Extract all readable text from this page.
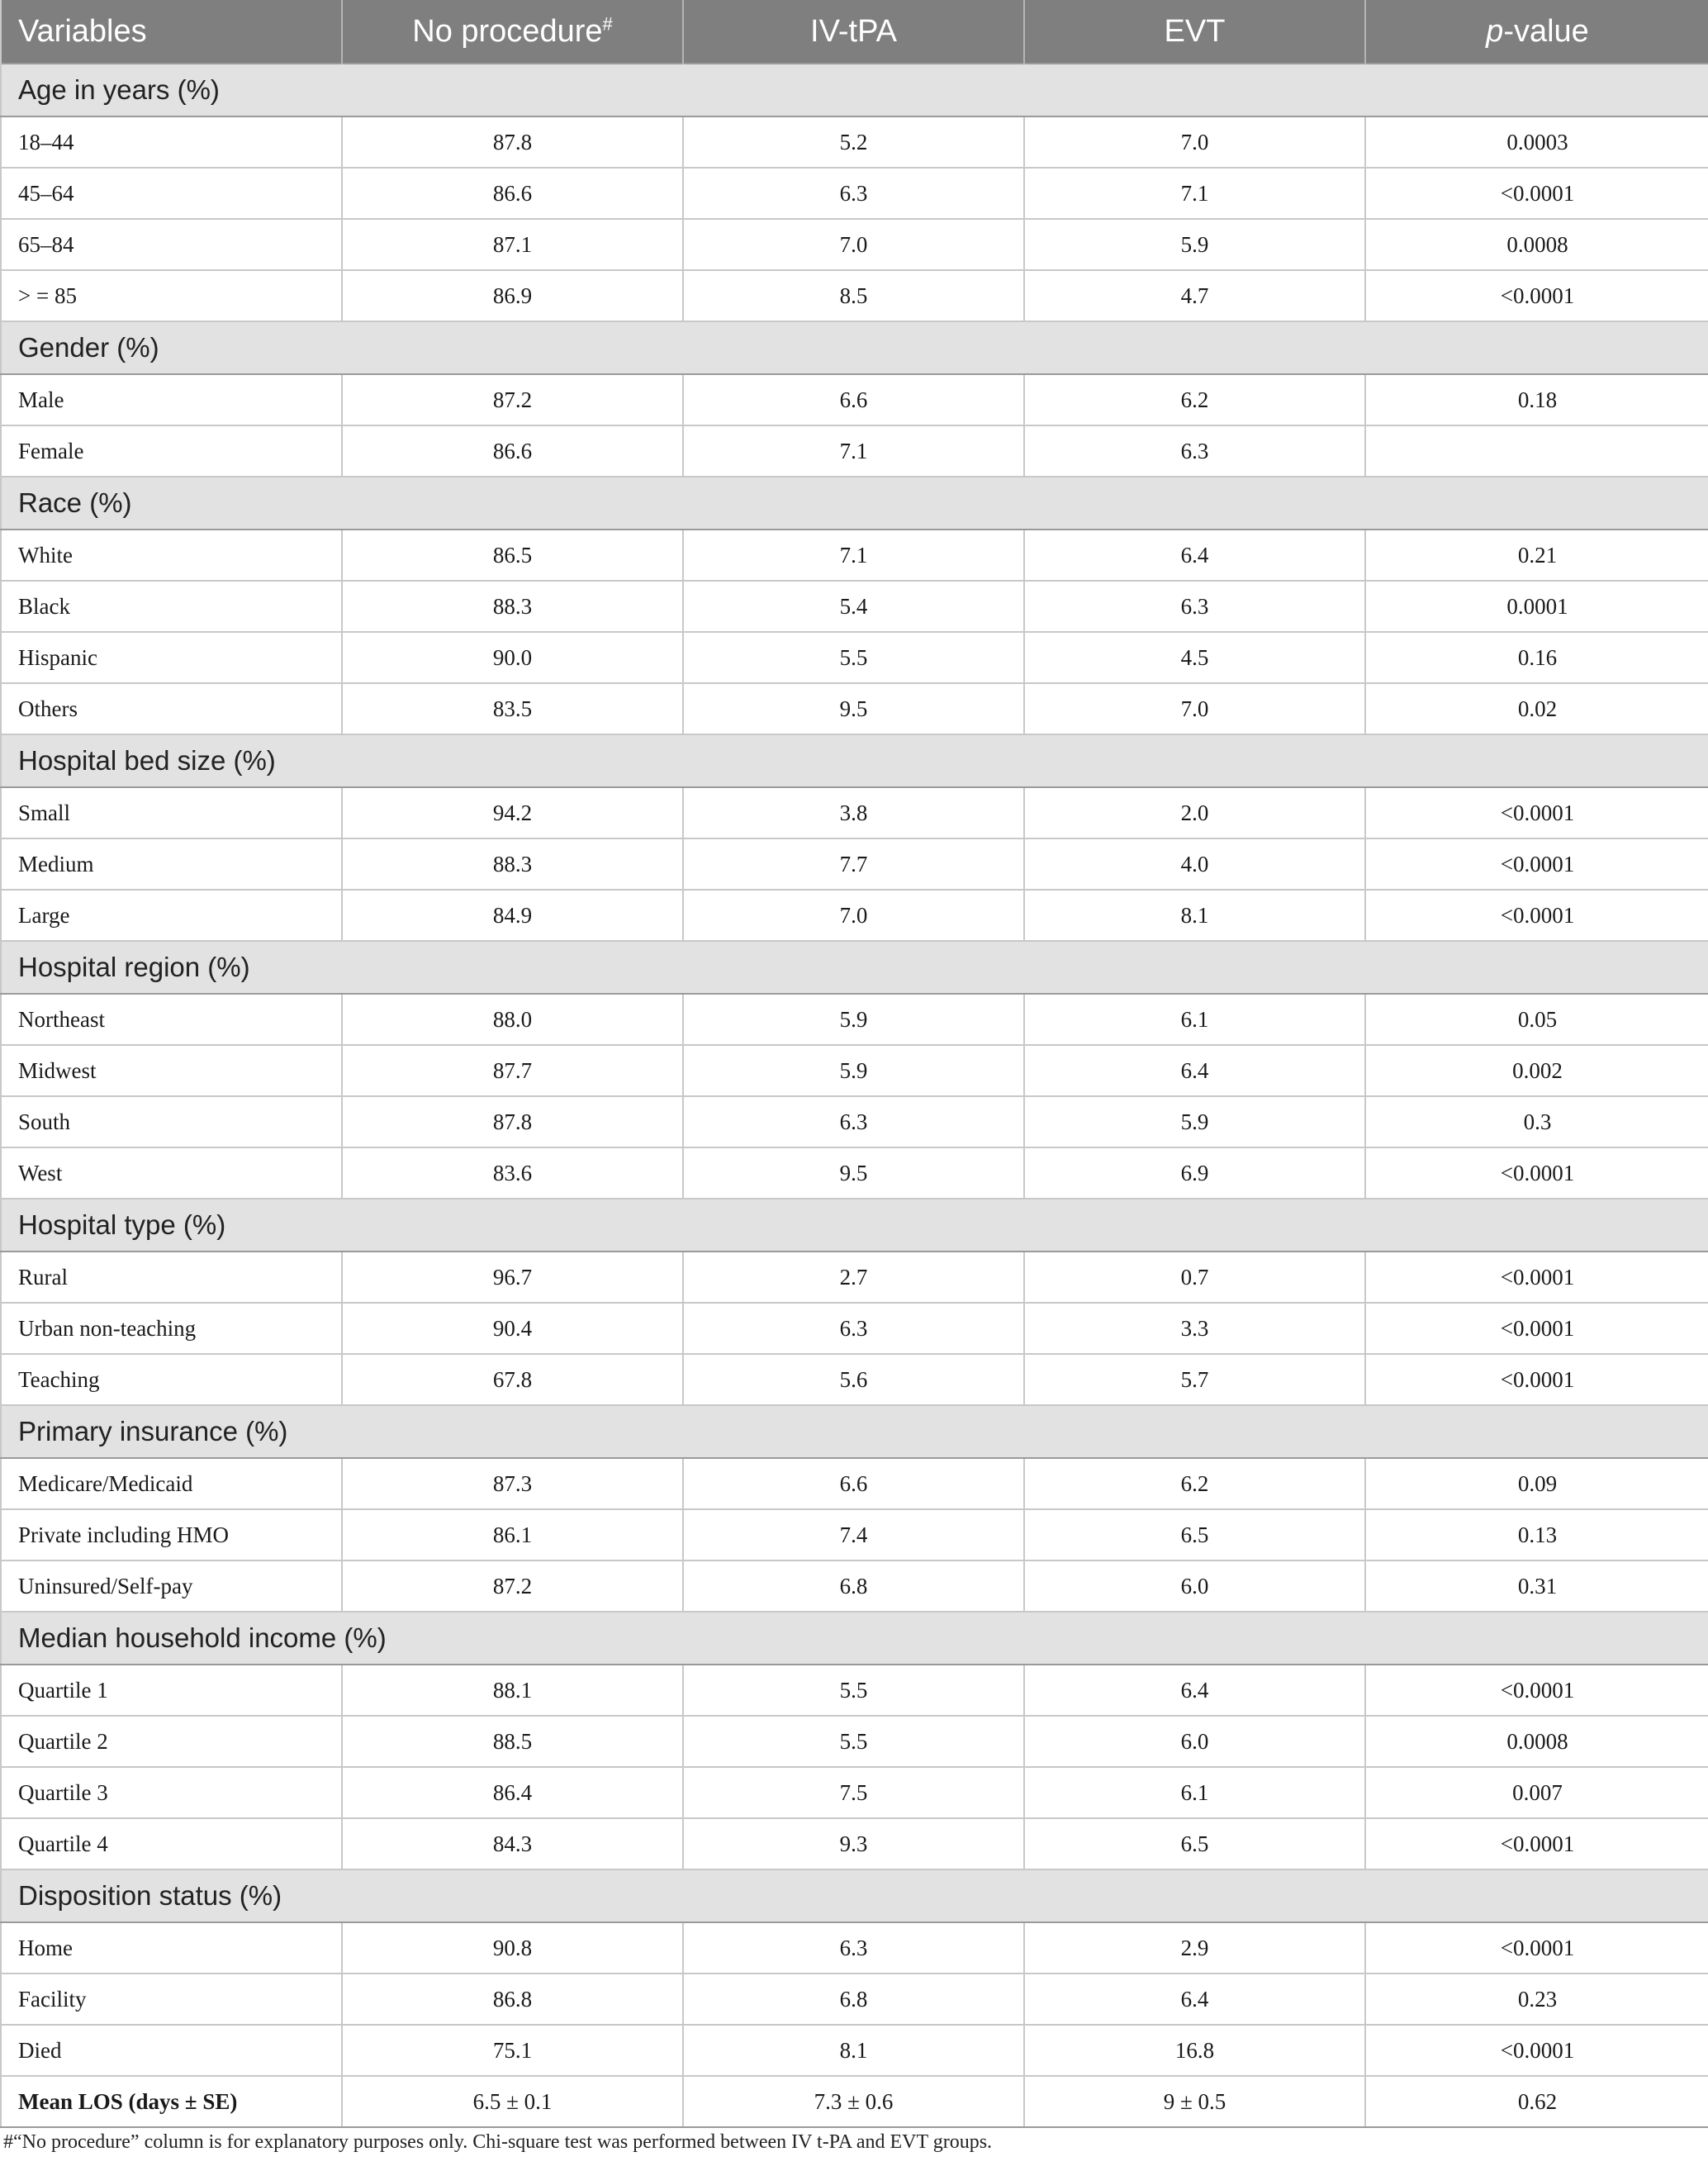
Variables	No procedure#	IV-tPA	EVT	p-value
Age in years (%)				
18–44	87.8	5.2	7.0	0.0003
45–64	86.6	6.3	7.1	<0.0001
65–84	87.1	7.0	5.9	0.0008
> = 85	86.9	8.5	4.7	<0.0001
Gender (%)				
Male	87.2	6.6	6.2	0.18
Female	86.6	7.1	6.3	
Race (%)				
White	86.5	7.1	6.4	0.21
Black	88.3	5.4	6.3	0.0001
Hispanic	90.0	5.5	4.5	0.16
Others	83.5	9.5	7.0	0.02
Hospital bed size (%)				
Small	94.2	3.8	2.0	<0.0001
Medium	88.3	7.7	4.0	<0.0001
Large	84.9	7.0	8.1	<0.0001
Hospital region (%)				
Northeast	88.0	5.9	6.1	0.05
Midwest	87.7	5.9	6.4	0.002
South	87.8	6.3	5.9	0.3
West	83.6	9.5	6.9	<0.0001
Hospital type (%)				
Rural	96.7	2.7	0.7	<0.0001
Urban non-teaching	90.4	6.3	3.3	<0.0001
Teaching	67.8	5.6	5.7	<0.0001
Primary insurance (%)				
Medicare/Medicaid	87.3	6.6	6.2	0.09
Private including HMO	86.1	7.4	6.5	0.13
Uninsured/Self-pay	87.2	6.8	6.0	0.31
Median household income (%)				
Quartile 1	88.1	5.5	6.4	<0.0001
Quartile 2	88.5	5.5	6.0	0.0008
Quartile 3	86.4	7.5	6.1	0.007
Quartile 4	84.3	9.3	6.5	<0.0001
Disposition status (%)				
Home	90.8	6.3	2.9	<0.0001
Facility	86.8	6.8	6.4	0.23
Died	75.1	8.1	16.8	<0.0001
Mean LOS (days ± SE)	6.5 ± 0.1	7.3 ± 0.6	9 ± 0.5	0.62
#“No procedure” column is for explanatory purposes only. Chi-square test was performed between IV t-PA and EVT groups.
